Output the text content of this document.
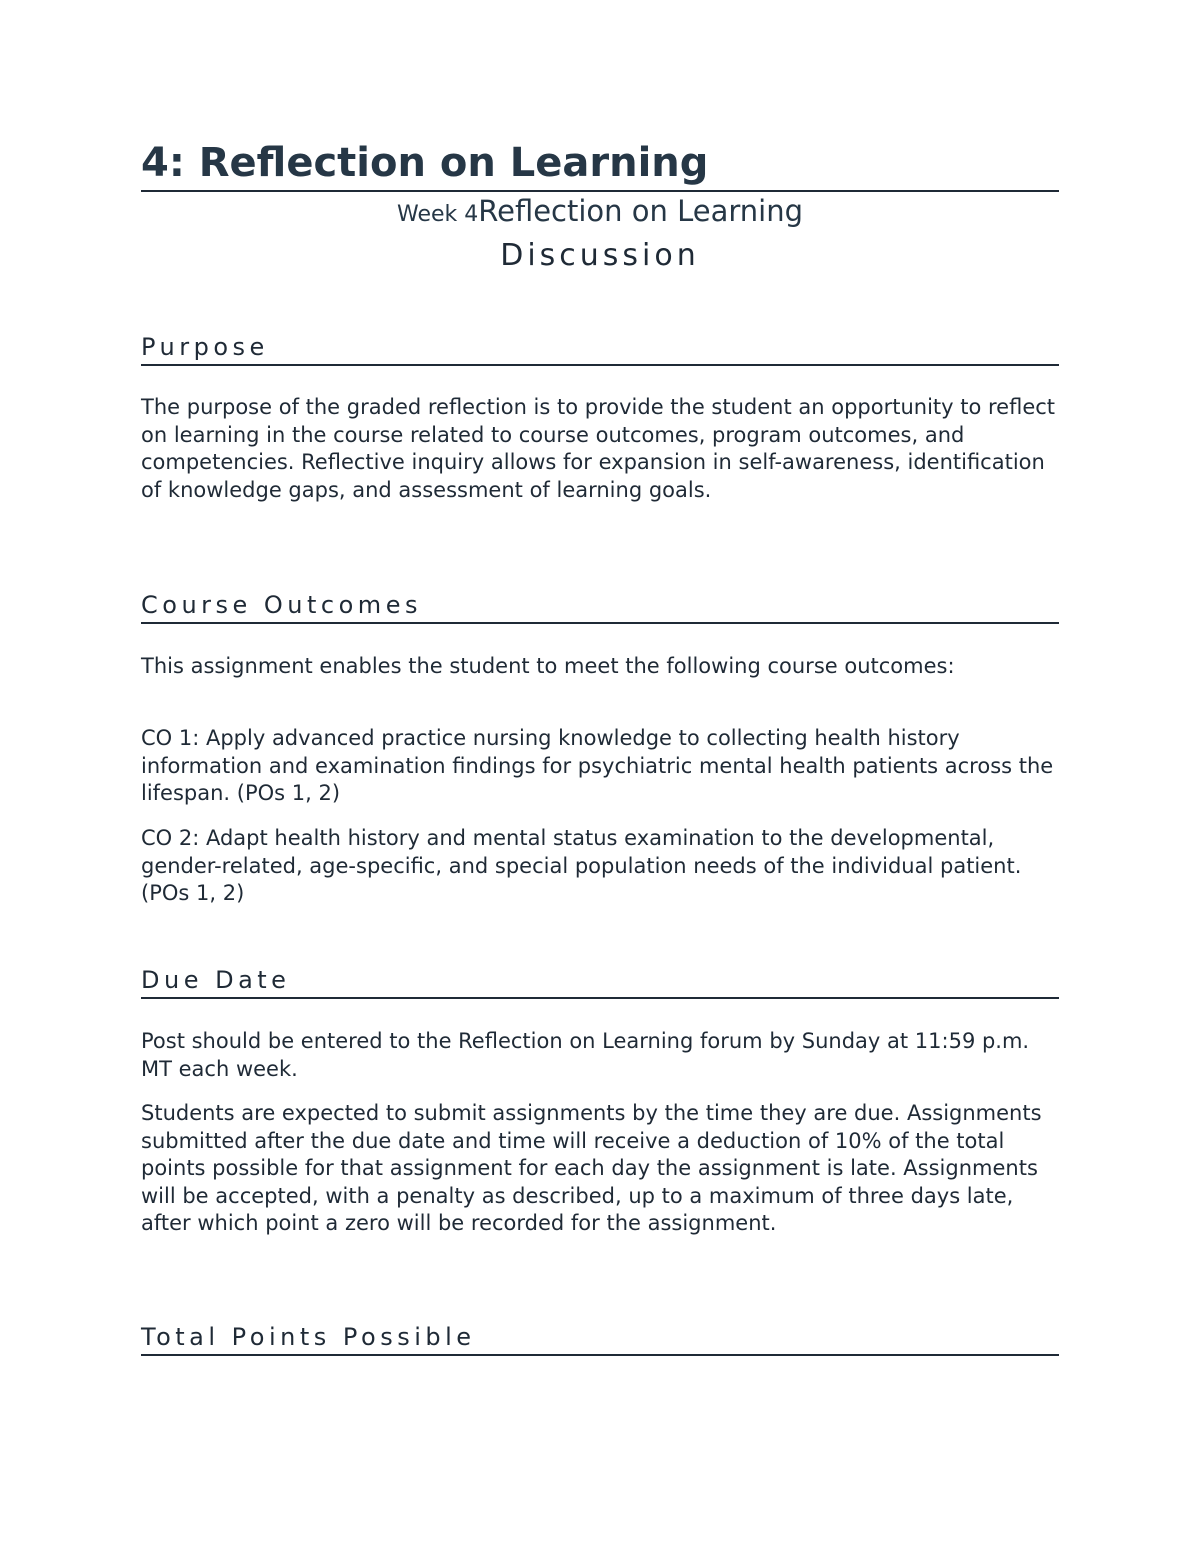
4: Reflection on Learning
Week 4Reflection on Learning
Discussion
Purpose

The purpose of the graded reflection is to provide the student an opportunity to reflect on learning in the course related to course outcomes, program outcomes, and competencies. Reflective inquiry allows for expansion in self-awareness, identification of knowledge gaps, and assessment of learning goals.

Course Outcomes

This assignment enables the student to meet the following course outcomes:

CO 1: Apply advanced practice nursing knowledge to collecting health history information and examination findings for psychiatric mental health patients across the lifespan. (POs 1, 2)

CO 2: Adapt health history and mental status examination to the developmental, gender-related, age-specific, and special population needs of the individual patient. (POs 1, 2)

Due Date

Post should be entered to the Reflection on Learning forum by Sunday at 11:59 p.m. MT each week.

Students are expected to submit assignments by the time they are due. Assignments submitted after the due date and time will receive a deduction of 10% of the total points possible for that assignment for each day the assignment is late. Assignments will be accepted, with a penalty as described, up to a maximum of three days late, after which point a zero will be recorded for the assignment.

Total Points Possible
